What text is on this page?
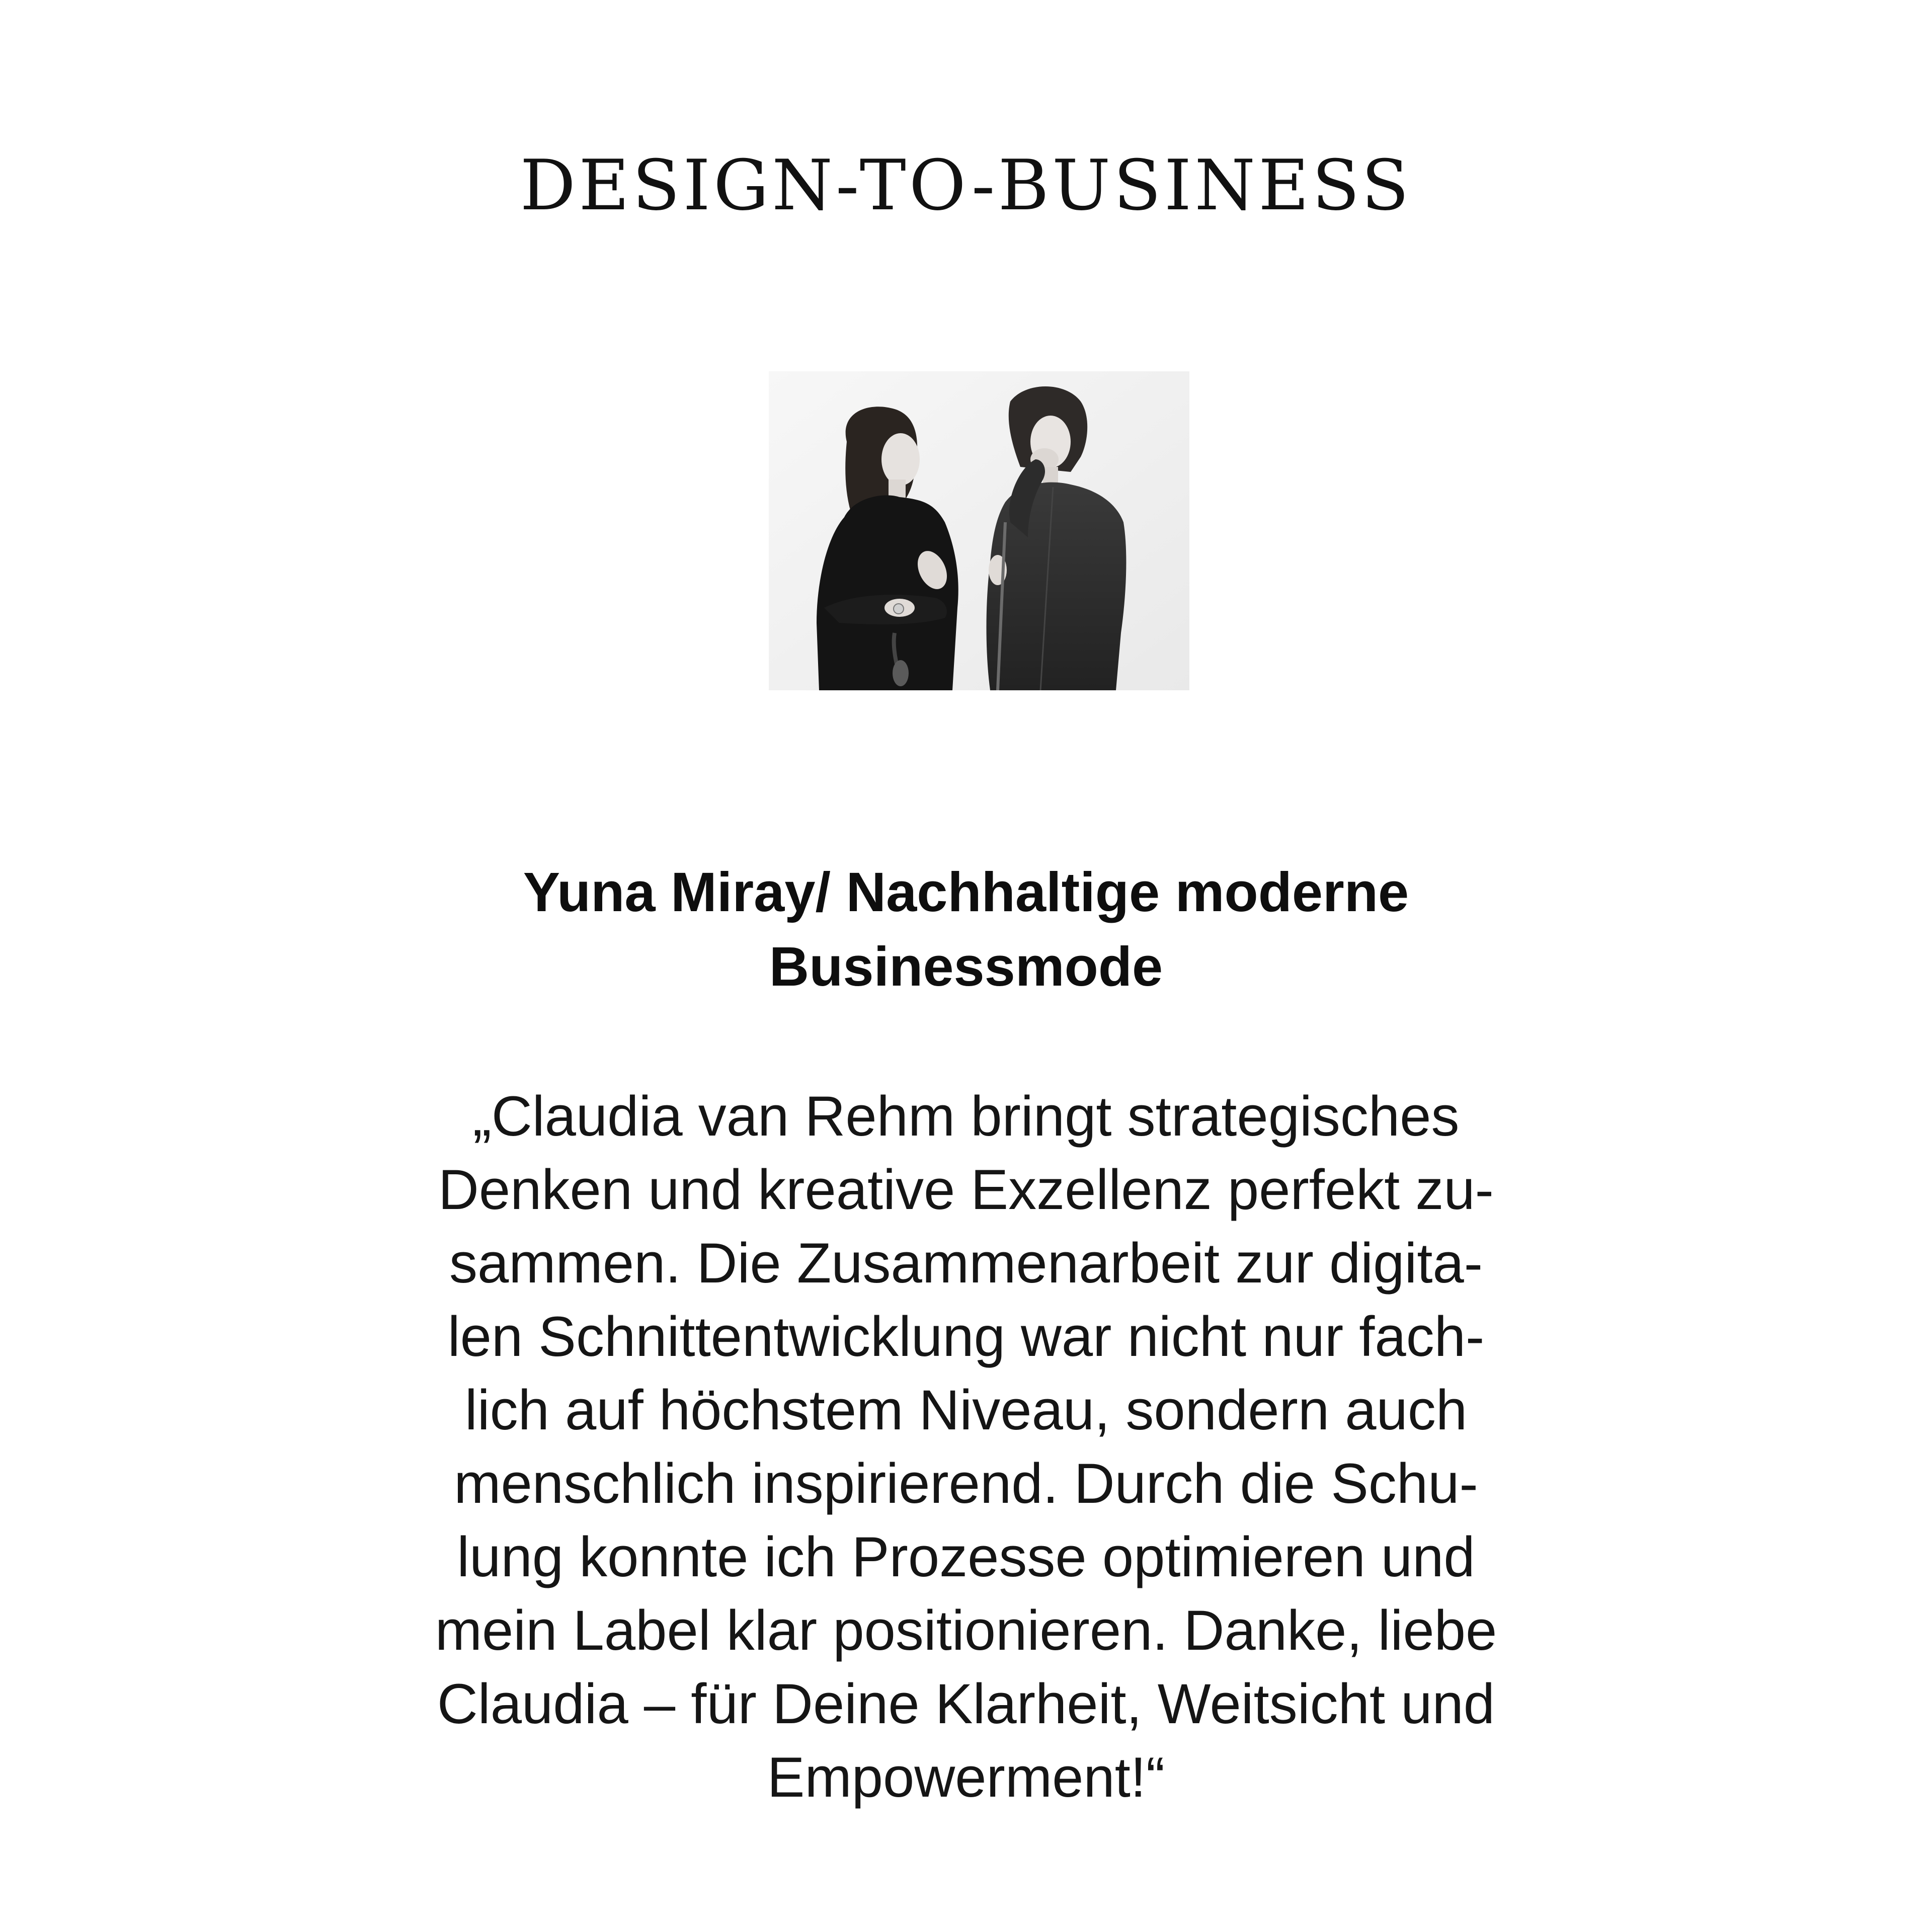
DESIGN-TO-BUSINESS
Yuna Miray/ Nachhaltige moderne
Businessmode
„Claudia van Rehm bringt strategisches
Denken und kreative Exzellenz perfekt zu-
sammen. Die Zusammenarbeit zur digita-
len Schnittentwicklung war nicht nur fach-
lich auf höchstem Niveau, sondern auch
menschlich inspirierend. Durch die Schu-
lung konnte ich Prozesse optimieren und
mein Label klar positionieren. Danke, liebe
Claudia – für Deine Klarheit, Weitsicht und
Empowerment!“
